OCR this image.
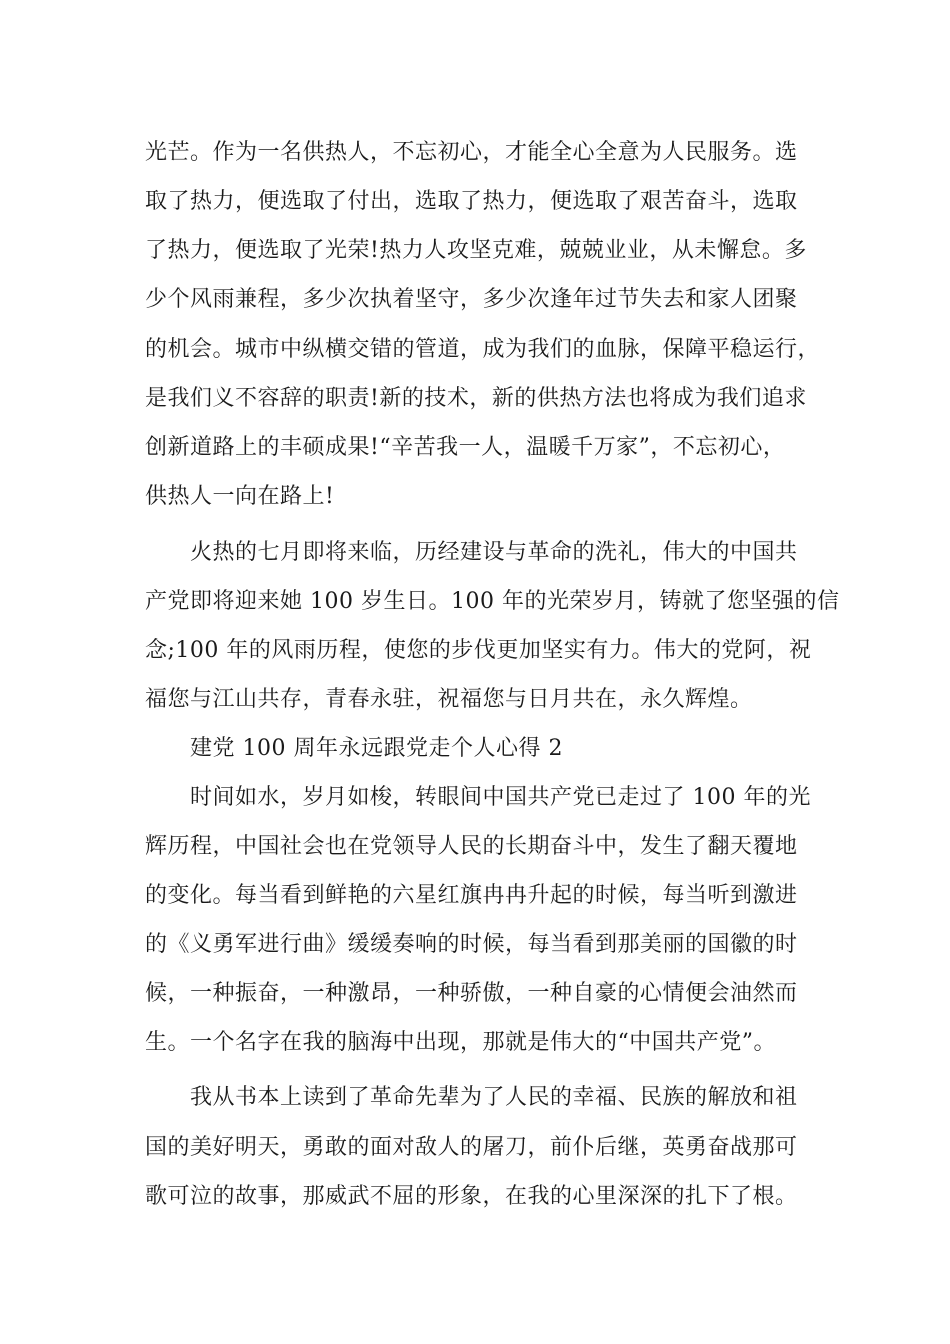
光芒。作为一名供热人，不忘初心，才能全心全意为人民服务。选
取了热力，便选取了付出，选取了热力，便选取了艰苦奋斗，选取
了热力，便选取了光荣!热力人攻坚克难，兢兢业业，从未懈怠。多
少个风雨兼程，多少次执着坚守，多少次逢年过节失去和家人团聚
的机会。城市中纵横交错的管道，成为我们的血脉，保障平稳运行，
是我们义不容辞的职责!新的技术，新的供热方法也将成为我们追求
创新道路上的丰硕成果!“辛苦我一人，温暖千万家”，不忘初心，
供热人一向在路上!
火热的七月即将来临，历经建设与革命的洗礼，伟大的中国共
产党即将迎来她 100 岁生日。100 年的光荣岁月，铸就了您坚强的信
念;100 年的风雨历程，使您的步伐更加坚实有力。伟大的党阿，祝
福您与江山共存，青春永驻，祝福您与日月共在，永久辉煌。
建党 100 周年永远跟党走个人心得 2
时间如水，岁月如梭，转眼间中国共产党已走过了 100 年的光
辉历程，中国社会也在党领导人民的长期奋斗中，发生了翻天覆地
的变化。每当看到鲜艳的六星红旗冉冉升起的时候，每当听到激进
的《义勇军进行曲》缓缓奏响的时候，每当看到那美丽的国徽的时
候，一种振奋，一种激昂，一种骄傲，一种自豪的心情便会油然而
生。一个名字在我的脑海中出现，那就是伟大的“中国共产党”。
我从书本上读到了革命先辈为了人民的幸福、民族的解放和祖
国的美好明天，勇敢的面对敌人的屠刀，前仆后继，英勇奋战那可
歌可泣的故事，那威武不屈的形象，在我的心里深深的扎下了根。
